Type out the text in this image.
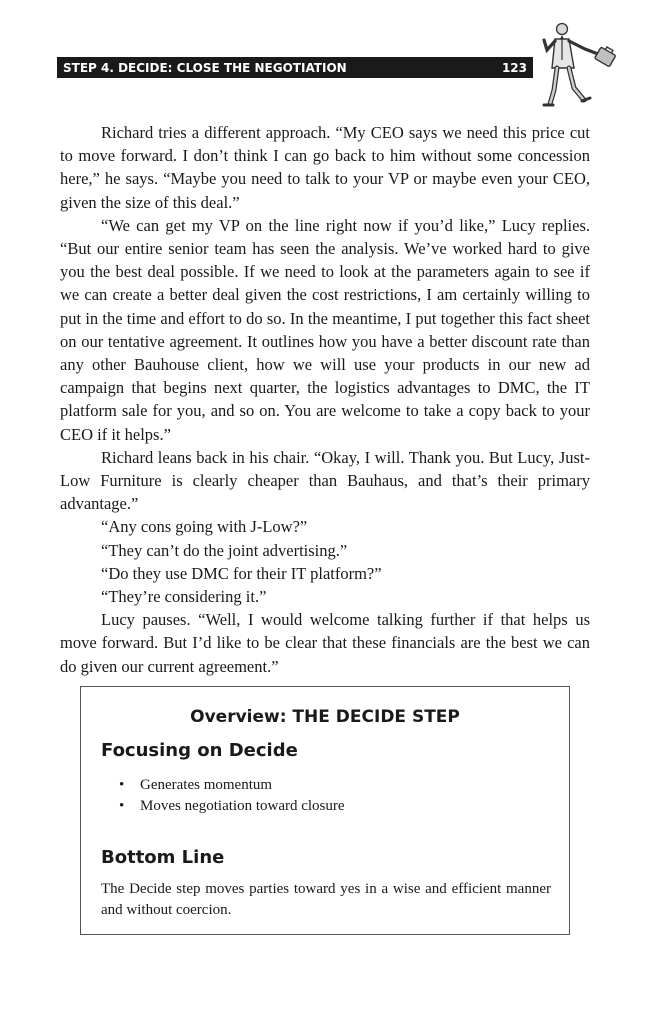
STEP 4. DECIDE: CLOSE THE NEGOTIATION	123

Richard tries a different approach. “My CEO says we need this price cut to move forward. I don’t think I can go back to him without some concession here,” he says. “Maybe you need to talk to your VP or maybe even your CEO, given the size of this deal.”

“We can get my VP on the line right now if you’d like,” Lucy replies. “But our entire senior team has seen the analysis. We’ve worked hard to give you the best deal possible. If we need to look at the parameters again to see if we can create a better deal given the cost restrictions, I am certainly willing to put in the time and effort to do so. In the meantime, I put together this fact sheet on our tentative agreement. It outlines how you have a better discount rate than any other Bauhouse client, how we will use your products in our new ad campaign that begins next quarter, the logistics advantages to DMC, the IT platform sale for you, and so on. You are welcome to take a copy back to your CEO if it helps.”

Richard leans back in his chair. “Okay, I will. Thank you. But Lucy, Just-Low Furniture is clearly cheaper than Bauhaus, and that’s their primary advantage.”

“Any cons going with J-Low?”

“They can’t do the joint advertising.”

“Do they use DMC for their IT platform?”

“They’re considering it.”

Lucy pauses. “Well, I would welcome talking further if that helps us move forward. But I’d like to be clear that these financials are the best we can do given our current agreement.”

Overview: THE DECIDE STEP
Focusing on Decide
• Generates momentum
• Moves negotiation toward closure
Bottom Line

The Decide step moves parties toward yes in a wise and efficient manner and without coercion.
